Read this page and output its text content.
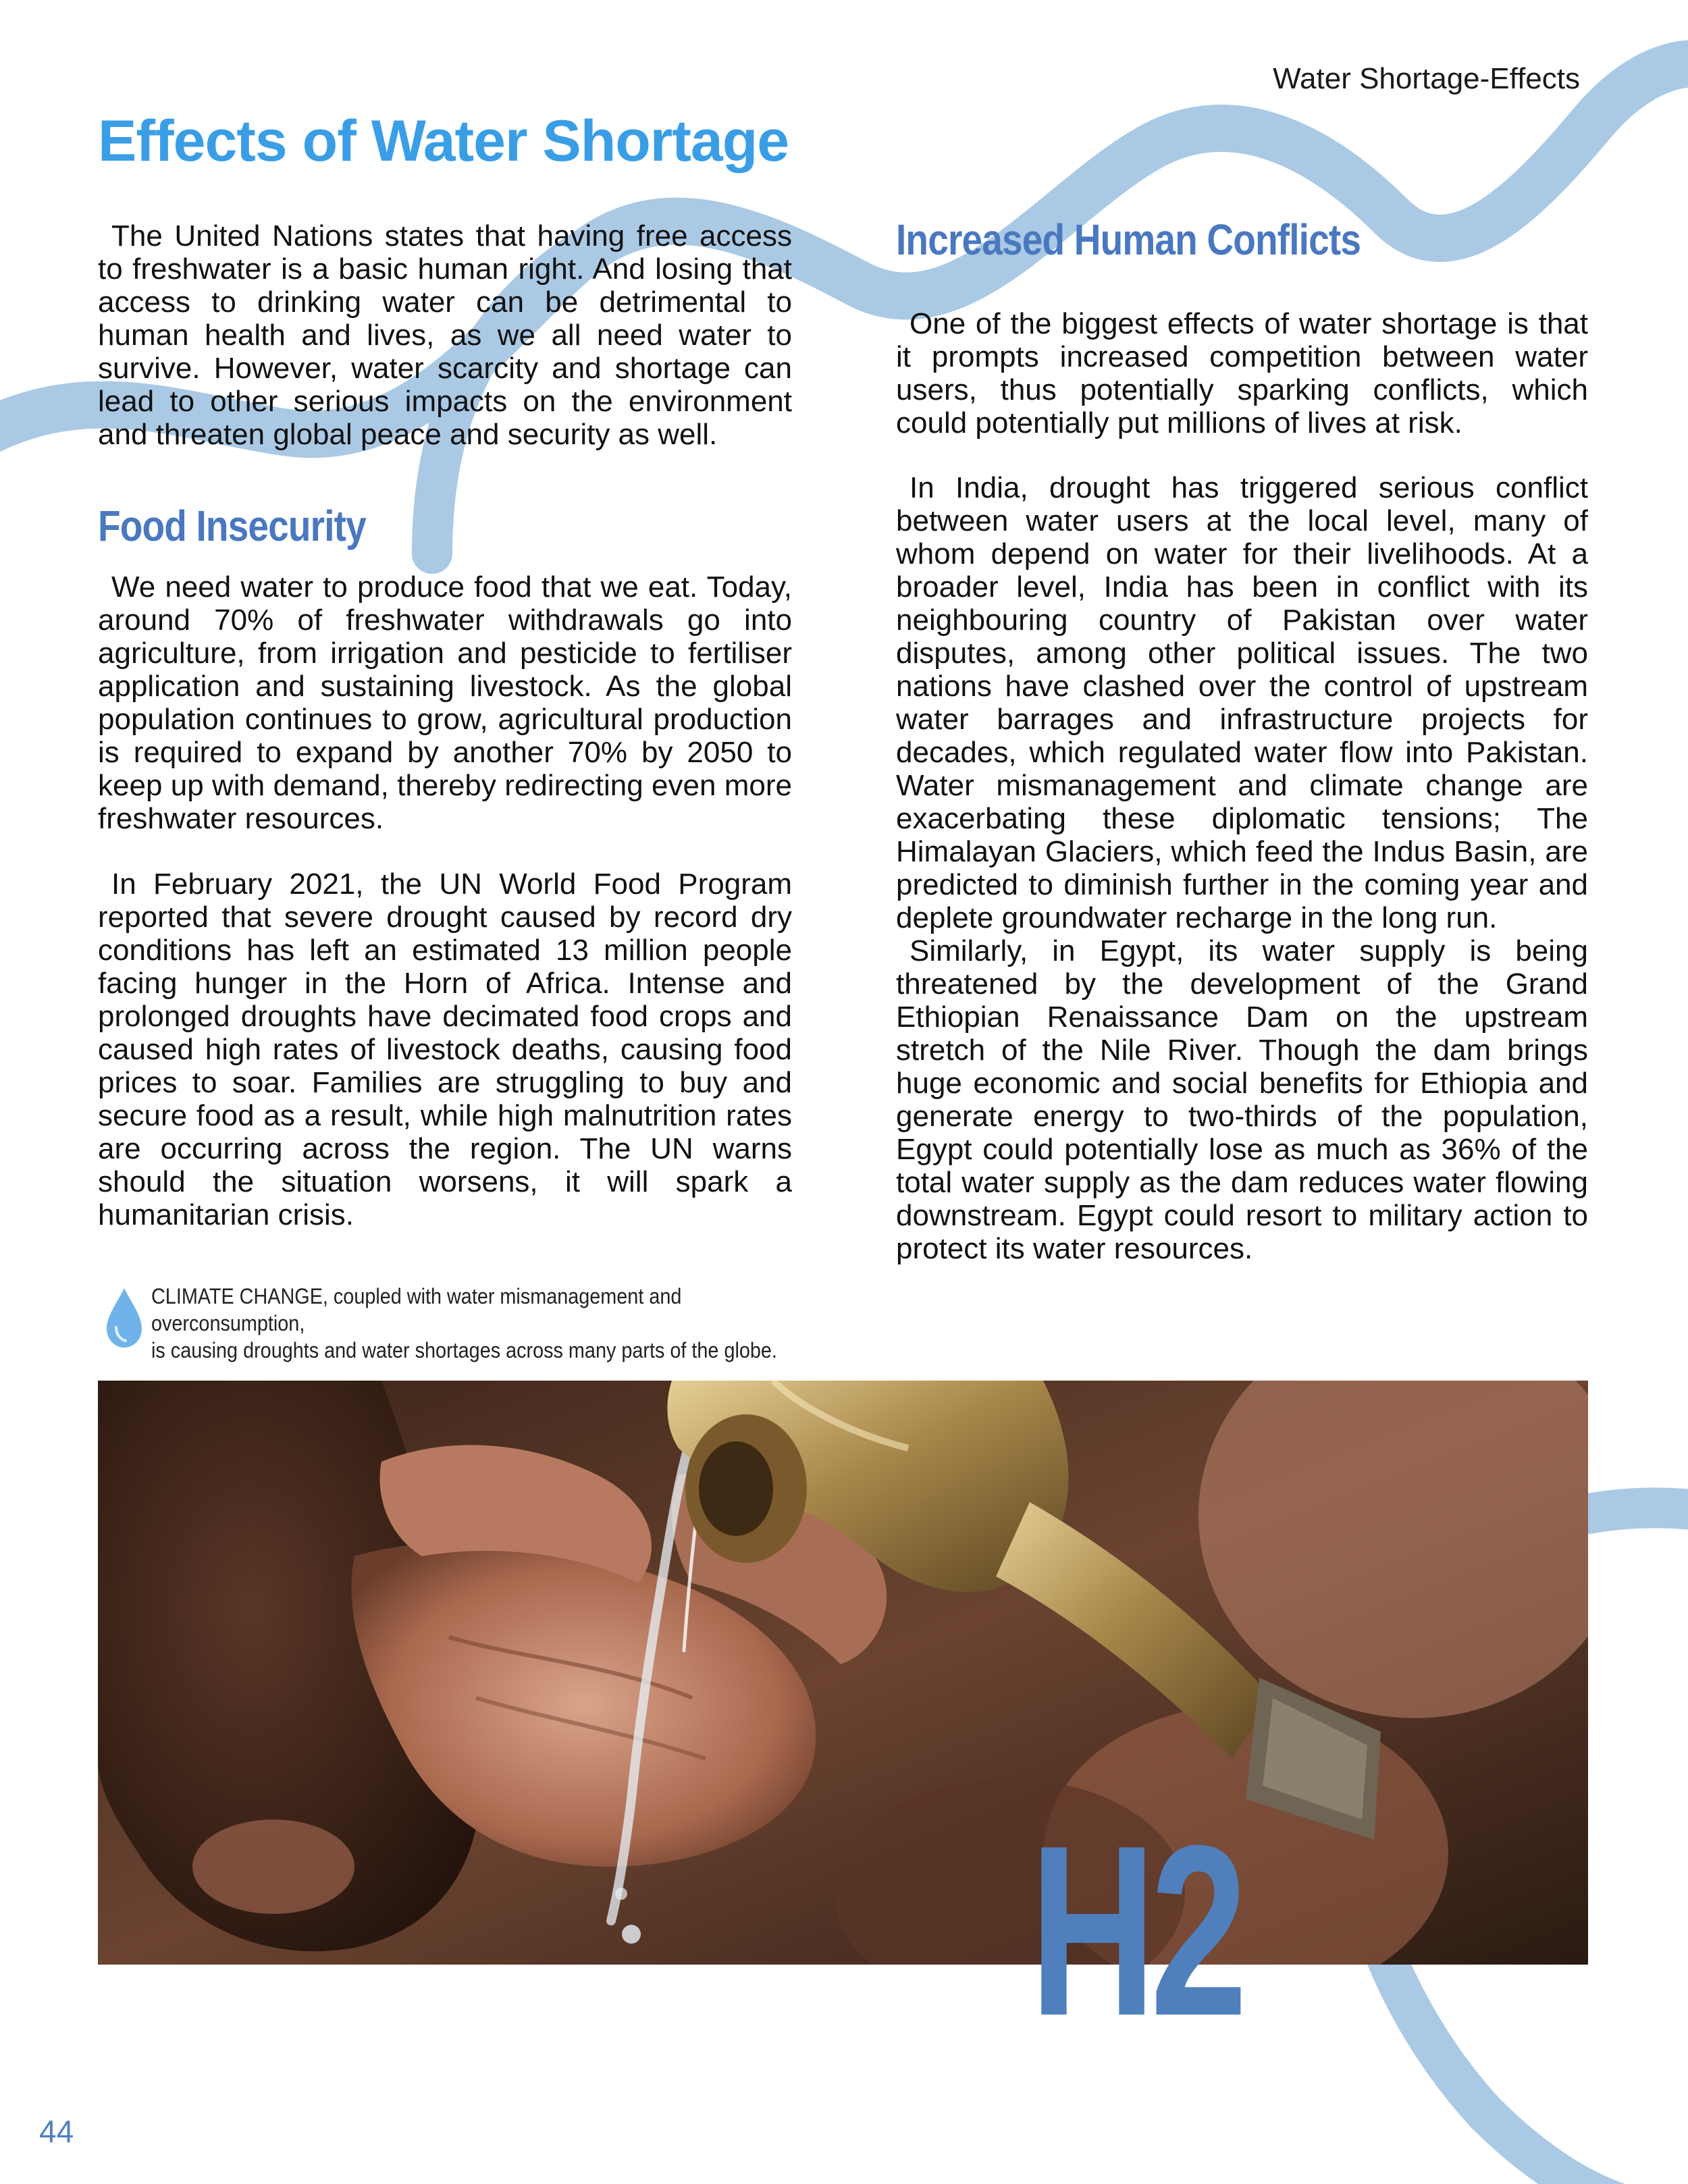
Water Shortage-Effects
Effects of Water Shortage

The United Nations states that having free access to freshwater is a basic human right. And losing that access to drinking water can be detrimental to human health and lives, as we all need water to survive. However, water scarcity and shortage can lead to other serious impacts on the environment and threaten global peace and security as well.

Food Insecurity

We need water to produce food that we eat. Today, around 70% of freshwater withdrawals go into agriculture, from irrigation and pesticide to fertiliser application and sustaining livestock. As the global population continues to grow, agricultural production is required to expand by another 70% by 2050 to keep up with demand, thereby redirecting even more freshwater resources.

In February 2021, the UN World Food Program reported that severe drought caused by record dry conditions has left an estimated 13 million people facing hunger in the Horn of Africa. Intense and prolonged droughts have decimated food crops and caused high rates of livestock deaths, causing food prices to soar. Families are struggling to buy and secure food as a result, while high malnutrition rates are occurring across the region. The UN warns should the situation worsens, it will spark a humanitarian crisis.

Increased Human Conflicts

One of the biggest effects of water shortage is that it prompts increased competition between water users, thus potentially sparking conflicts, which could potentially put millions of lives at risk.

In India, drought has triggered serious conflict between water users at the local level, many of whom depend on water for their livelihoods. At a broader level, India has been in conflict with its neighbouring country of Pakistan over water disputes, among other political issues. The two nations have clashed over the control of upstream water barrages and infrastructure projects for decades, which regulated water flow into Pakistan. Water mismanagement and climate change are exacerbating these diplomatic tensions; The Himalayan Glaciers, which feed the Indus Basin, are predicted to diminish further in the coming year and deplete groundwater recharge in the long run.

Similarly, in Egypt, its water supply is being threatened by the development of the Grand Ethiopian Renaissance Dam on the upstream stretch of the Nile River. Though the dam brings huge economic and social benefits for Ethiopia and generate energy to two-thirds of the population, Egypt could potentially lose as much as 36% of the total water supply as the dam reduces water flowing downstream. Egypt could resort to military action to protect its water resources.

CLIMATE CHANGE, coupled with water mismanagement and overconsumption,
is causing droughts and water shortages across many parts of the globe.
H2
44
